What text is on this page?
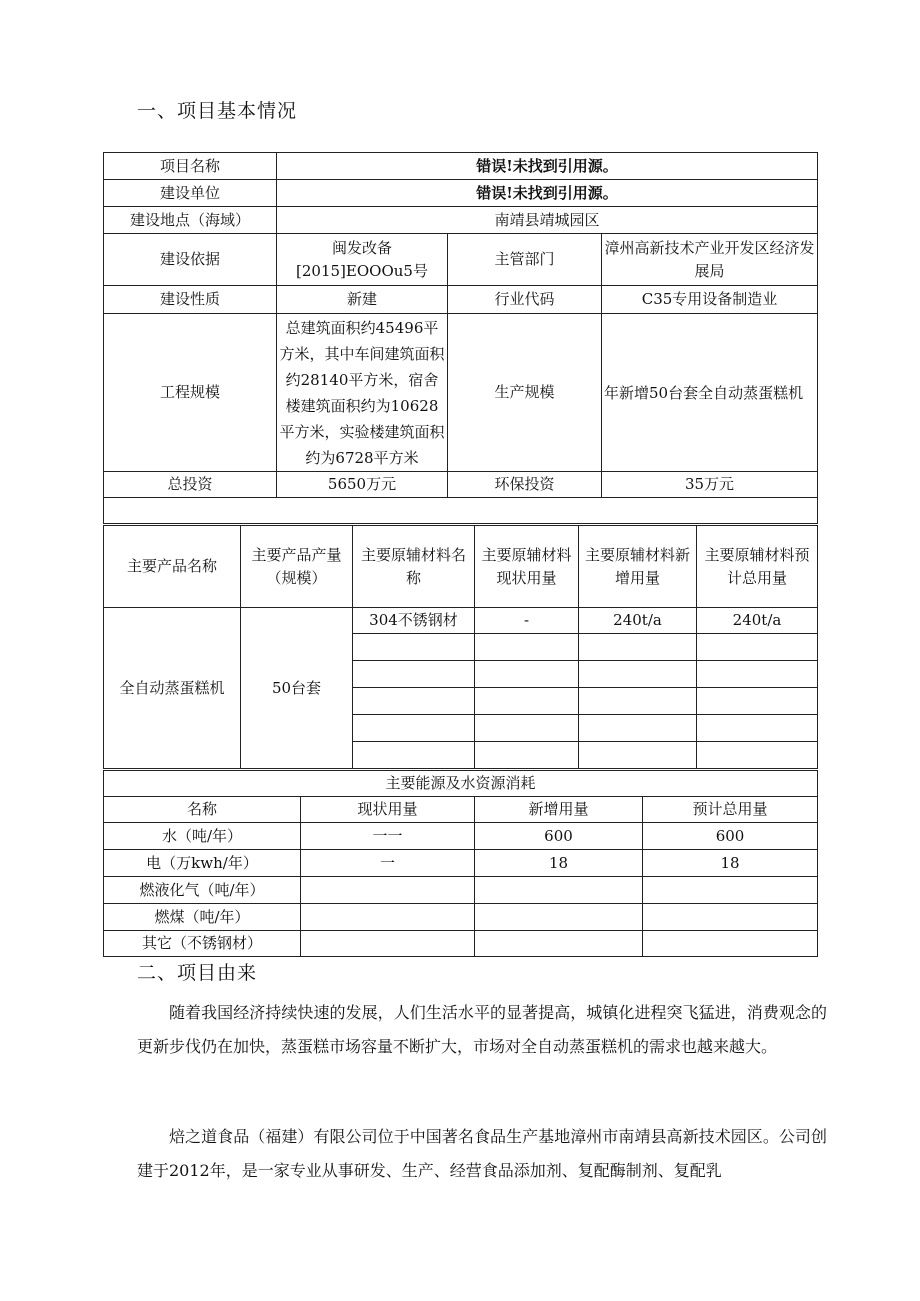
一、项目基本情况
项目名称	错误!未找到引用源。		
建设单位	错误!未找到引用源。		
建设地点（海域）	南靖县靖城园区		
建设依据	闽发改备[2015]EOOOu5号	主管部门	漳州高新技术产业开发区经济发展局
建设性质	新建	行业代码	C35专用设备制造业
工程规模	总建筑面积约45496平方米，其中车间建筑面积约28140平方米，宿舍楼建筑面积约为10628平方米，实验楼建筑面积约为6728平方米	生产规模	年新增50台套全自动蒸蛋糕机
总投资	5650万元	环保投资	35万元

主要产品名称	主要产品产量（规模）	主要原辅材料名称	主要原辅材料现状用量	主要原辅材料新增用量	主要原辅材料预计总用量
全自动蒸蛋糕机	50台套	304不锈钢材	-	240t/a	240t/a

主要能源及水资源消耗			
名称	现状用量	新增用量	预计总用量
水（吨/年）	一一	600	600
电（万kwh/年）	一	18	18
燃液化气（吨/年）			
燃煤（吨/年）			
其它（不锈钢材）			
二、项目由来

随着我国经济持续快速的发展，人们生活水平的显著提高，城镇化进程突飞猛进，消费观念的更新步伐仍在加快，蒸蛋糕市场容量不断扩大，市场对全自动蒸蛋糕机的需求也越来越大。

焙之道食品（福建）有限公司位于中国著名食品生产基地漳州市南靖县高新技术园区。公司创建于2012年，是一家专业从事研发、生产、经营食品添加剂、复配酶制剂、复配乳
